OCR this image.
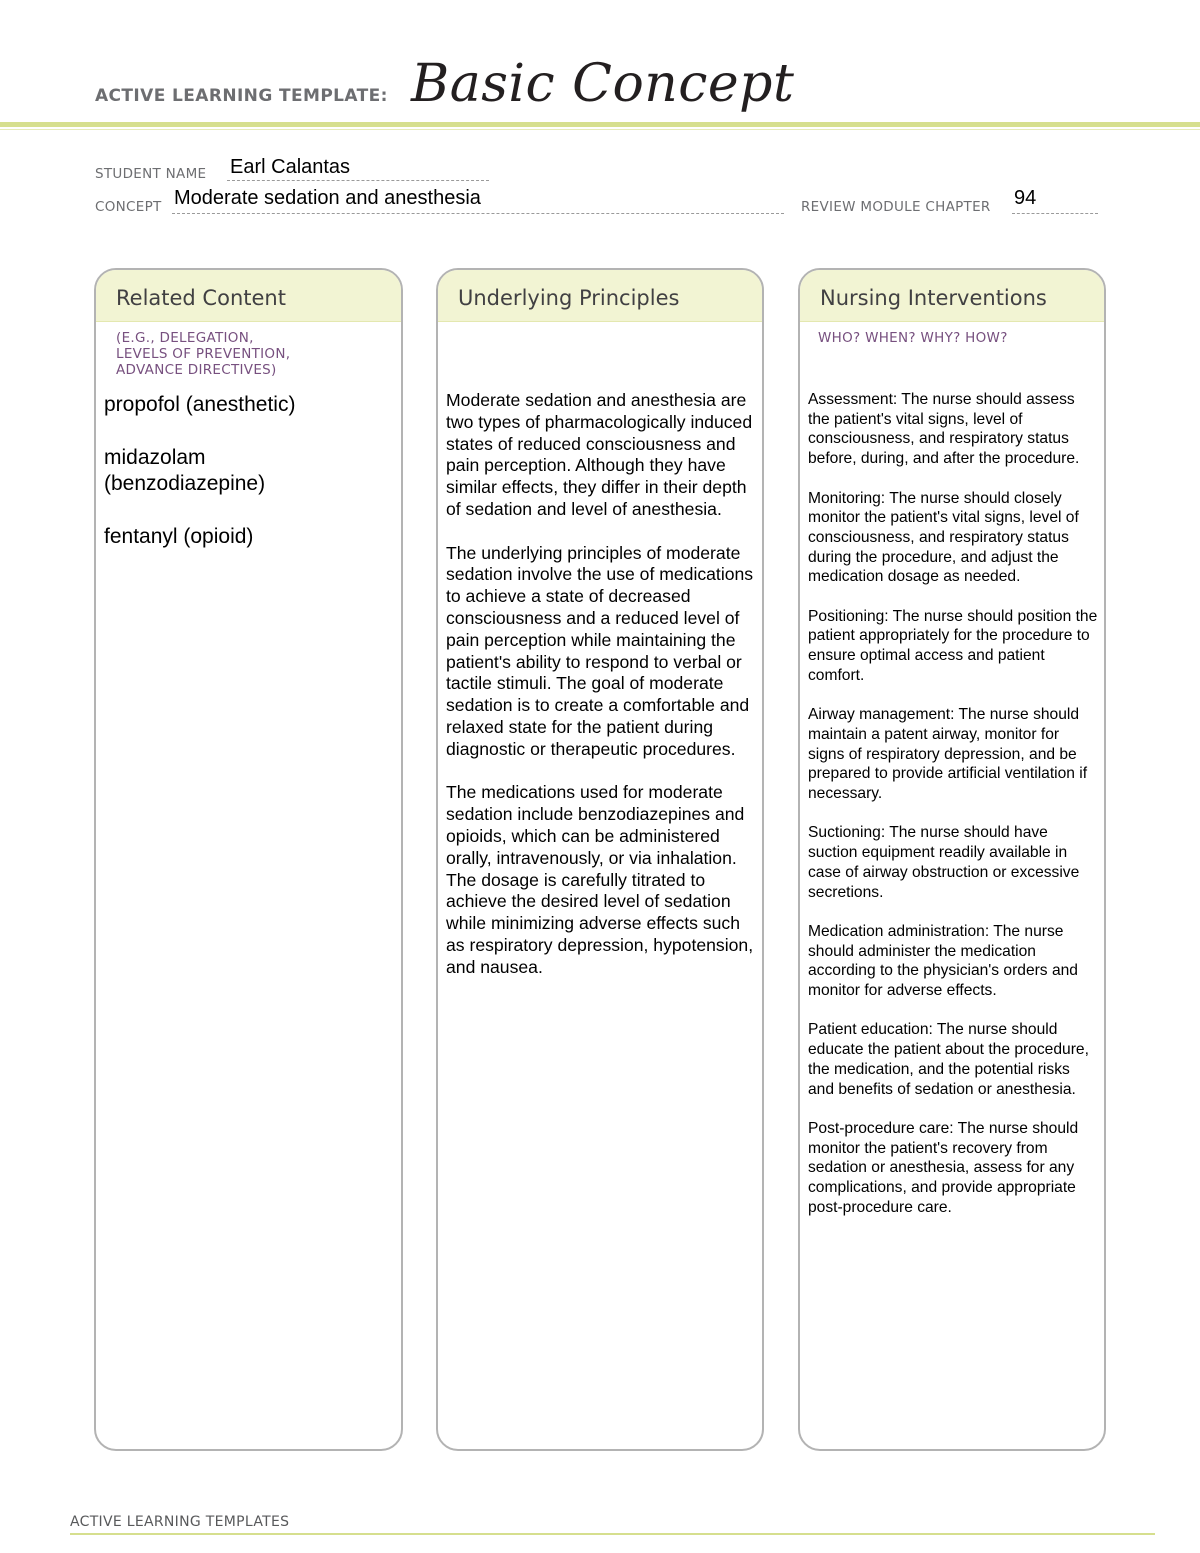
ACTIVE LEARNING TEMPLATE: Basic Concept
STUDENT NAME Earl Calantas
CONCEPT Moderate sedation and anesthesia	REVIEW MODULE CHAPTER 94
Related Content
(E.G., DELEGATION,
LEVELS OF PREVENTION,
ADVANCE DIRECTIVES)
propofol (anesthetic)
midazolam
(benzodiazepine)
fentanyl (opioid)
Underlying Principles

Moderate sedation and anesthesia are two types of pharmacologically induced states of reduced consciousness and pain perception. Although they have similar effects, they differ in their depth of sedation and level of anesthesia.

The underlying principles of moderate sedation involve the use of medications to achieve a state of decreased consciousness and a reduced level of pain perception while maintaining the patient's ability to respond to verbal or tactile stimuli. The goal of moderate sedation is to create a comfortable and relaxed state for the patient during diagnostic or therapeutic procedures.

The medications used for moderate sedation include benzodiazepines and opioids, which can be administered orally, intravenously, or via inhalation. The dosage is carefully titrated to achieve the desired level of sedation while minimizing adverse effects such as respiratory depression, hypotension, and nausea.

Nursing Interventions
WHO? WHEN? WHY? HOW?

Assessment: The nurse should assess the patient's vital signs, level of consciousness, and respiratory status before, during, and after the procedure.

Monitoring: The nurse should closely monitor the patient's vital signs, level of consciousness, and respiratory status during the procedure, and adjust the medication dosage as needed.

Positioning: The nurse should position the patient appropriately for the procedure to ensure optimal access and patient comfort.

Airway management: The nurse should maintain a patent airway, monitor for signs of respiratory depression, and be prepared to provide artificial ventilation if necessary.

Suctioning: The nurse should have suction equipment readily available in case of airway obstruction or excessive secretions.

Medication administration: The nurse should administer the medication according to the physician's orders and monitor for adverse effects.

Patient education: The nurse should educate the patient about the procedure, the medication, and the potential risks and benefits of sedation or anesthesia.

Post-procedure care: The nurse should monitor the patient's recovery from sedation or anesthesia, assess for any complications, and provide appropriate post-procedure care.

ACTIVE LEARNING TEMPLATES
